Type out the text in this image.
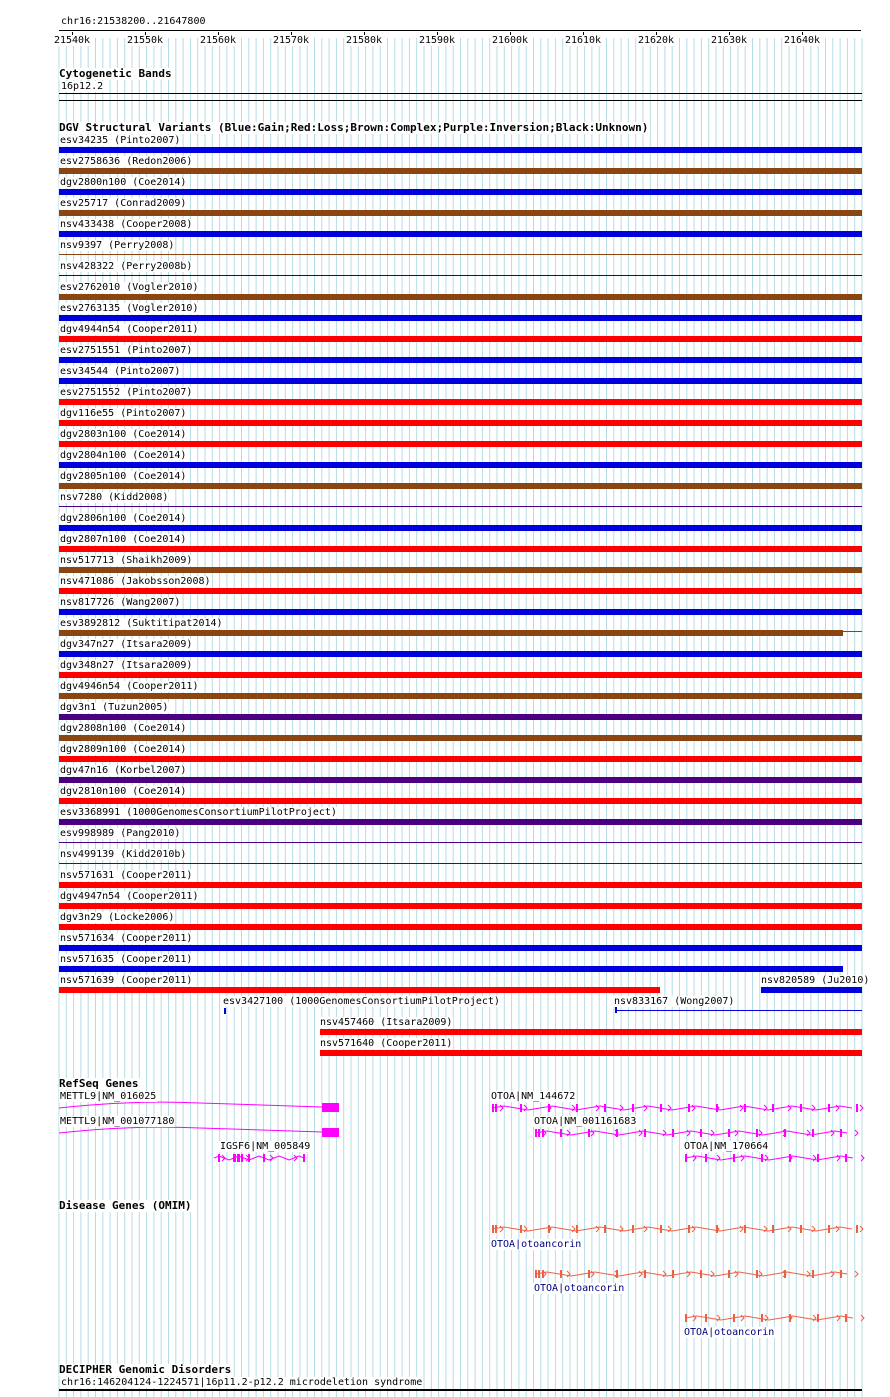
chr16:21538200..21647800
21540k	21550k	21560k	21570k	21580k	21590k	21600k	21610k	21620k	21630k	21640k
Cytogenetic Bands
16p12.2
DGV Structural Variants (Blue:Gain;Red:Loss;Brown:Complex;Purple:Inversion;Black:Unknown)
esv34235 (Pinto2007)
esv2758636 (Redon2006)
dgv2800n100 (Coe2014)
esv25717 (Conrad2009)
nsv433438 (Cooper2008)
nsv9397 (Perry2008)
nsv428322 (Perry2008b)
esv2762010 (Vogler2010)
esv2763135 (Vogler2010)
dgv4944n54 (Cooper2011)
esv2751551 (Pinto2007)
esv34544 (Pinto2007)
esv2751552 (Pinto2007)
dgv116e55 (Pinto2007)
dgv2803n100 (Coe2014)
dgv2804n100 (Coe2014)
dgv2805n100 (Coe2014)
nsv7280 (Kidd2008)
dgv2806n100 (Coe2014)
dgv2807n100 (Coe2014)
nsv517713 (Shaikh2009)
nsv471086 (Jakobsson2008)
nsv817726 (Wang2007)
esv3892812 (Suktitipat2014)
dgv347n27 (Itsara2009)
dgv348n27 (Itsara2009)
dgv4946n54 (Cooper2011)
dgv3n1 (Tuzun2005)
dgv2808n100 (Coe2014)
dgv2809n100 (Coe2014)
dgv47n16 (Korbel2007)
dgv2810n100 (Coe2014)
esv3368991 (1000GenomesConsortiumPilotProject)
esv998989 (Pang2010)
nsv499139 (Kidd2010b)
nsv571631 (Cooper2011)
dgv4947n54 (Cooper2011)
dgv3n29 (Locke2006)
nsv571634 (Cooper2011)
nsv571635 (Cooper2011)
nsv571639 (Cooper2011)	nsv820589 (Ju2010)
esv3427100 (1000GenomesConsortiumPilotProject)	nsv833167 (Wong2007)
nsv457460 (Itsara2009)
nsv571640 (Cooper2011)
RefSeq Genes
METTL9|NM_016025
METTL9|NM_001077180
IGSF6|NM_005849
OTOA|NM_144672
OTOA|NM_001161683
OTOA|NM_170664
Disease Genes (OMIM)
OTOA|otoancorin
OTOA|otoancorin
OTOA|otoancorin
DECIPHER Genomic Disorders
chr16:146204124-1224571|16p11.2-p12.2 microdeletion syndrome
